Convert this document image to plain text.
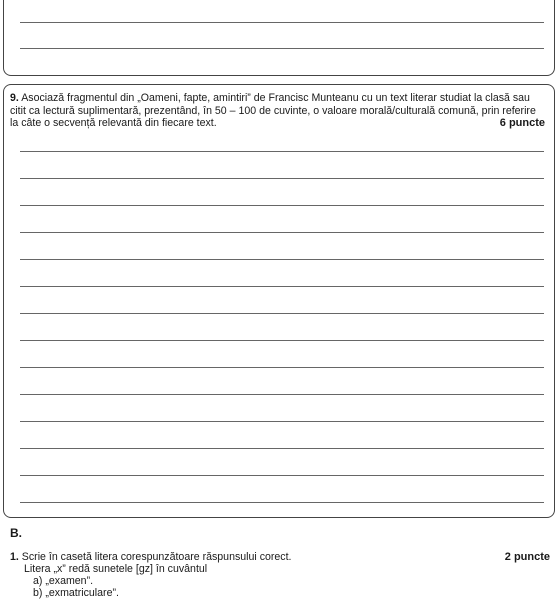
9. Asociază fragmentul din „Oameni, fapte, amintiri” de Francisc Munteanu cu un text literar studiat la clasă sau citit ca lectură suplimentară, prezentând, în 50 – 100 de cuvinte, o valoare morală/culturală comună, prin referire la câte o secvență relevantă din fiecare text.	6 puncte
B.
1. Scrie în casetă litera corespunzătoare răspunsului corect.	2 puncte
Litera „x” redă sunetele [gz] în cuvântul
a) „examen”.
b) „exmatriculare”.
